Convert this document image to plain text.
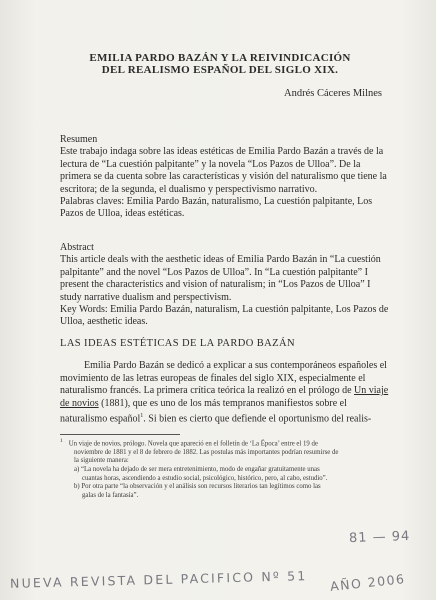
EMILIA PARDO BAZÁN Y LA REIVINDICACIÓN
DEL REALISMO ESPAÑOL DEL SIGLO XIX.
Andrés Cáceres Milnes
Resumen
Este trabajo indaga sobre las ideas estéticas de Emilia Pardo Bazán a través de la lectura de “La cuestión palpitante” y la novela “Los Pazos de Ulloa”. De la primera se da cuenta sobre las características y visión del naturalismo que tiene la escritora; de la segunda, el dualismo y perspectivismo narrativo.
Palabras claves: Emilia Pardo Bazán, naturalismo, La cuestión palpitante, Los Pazos de Ulloa, ideas estéticas.
Abstract
This article deals with the aesthetic ideas of Emilia Pardo Bazán in “La cuestión palpitante” and the novel “Los Pazos de Ulloa”. In “La cuestión palpitante” I present the characteristics and vision of naturalism; in “Los Pazos de Ulloa” I study narrative dualism and perspectivism.
Key Words: Emilia Pardo Bazán, naturalism, La cuestión palpitante, Los Pazos de Ulloa, aesthetic ideas.
LAS IDEAS ESTÉTICAS DE LA PARDO BAZÁN
Emilia Pardo Bazán se dedicó a explicar a sus contemporáneos españoles el movimiento de las letras europeas de finales del siglo XIX, especialmente el naturalismo francés. La primera crítica teórica la realizó en el prólogo de Un viaje de novios (1881), que es uno de los más tempranos manifiestos sobre el naturalismo español$^1$. Si bien es cierto que defiende el oportunismo del realis-
$^1$ Un viaje de novios, prólogo. Novela que apareció en el folletín de ‘La Época’ entre el 19 de
noviembre de 1881 y el 8 de febrero de 1882. Las postulas más importantes podrían resumirse de
la siguiente manera:
a) “La novela ha dejado de ser mera entretenimiento, modo de engañar gratuitamente unas
cuantas horas, ascendiendo a estudio social, psicológico, histórico, pero, al cabo, estudio”.
b) Por otra parte “la observación y el análisis son recursos literarios tan legítimos como las
galas de la fantasía”.
81 — 94
NUEVA REVISTA DEL PACIFICO Nº 51 AÑO 2006
